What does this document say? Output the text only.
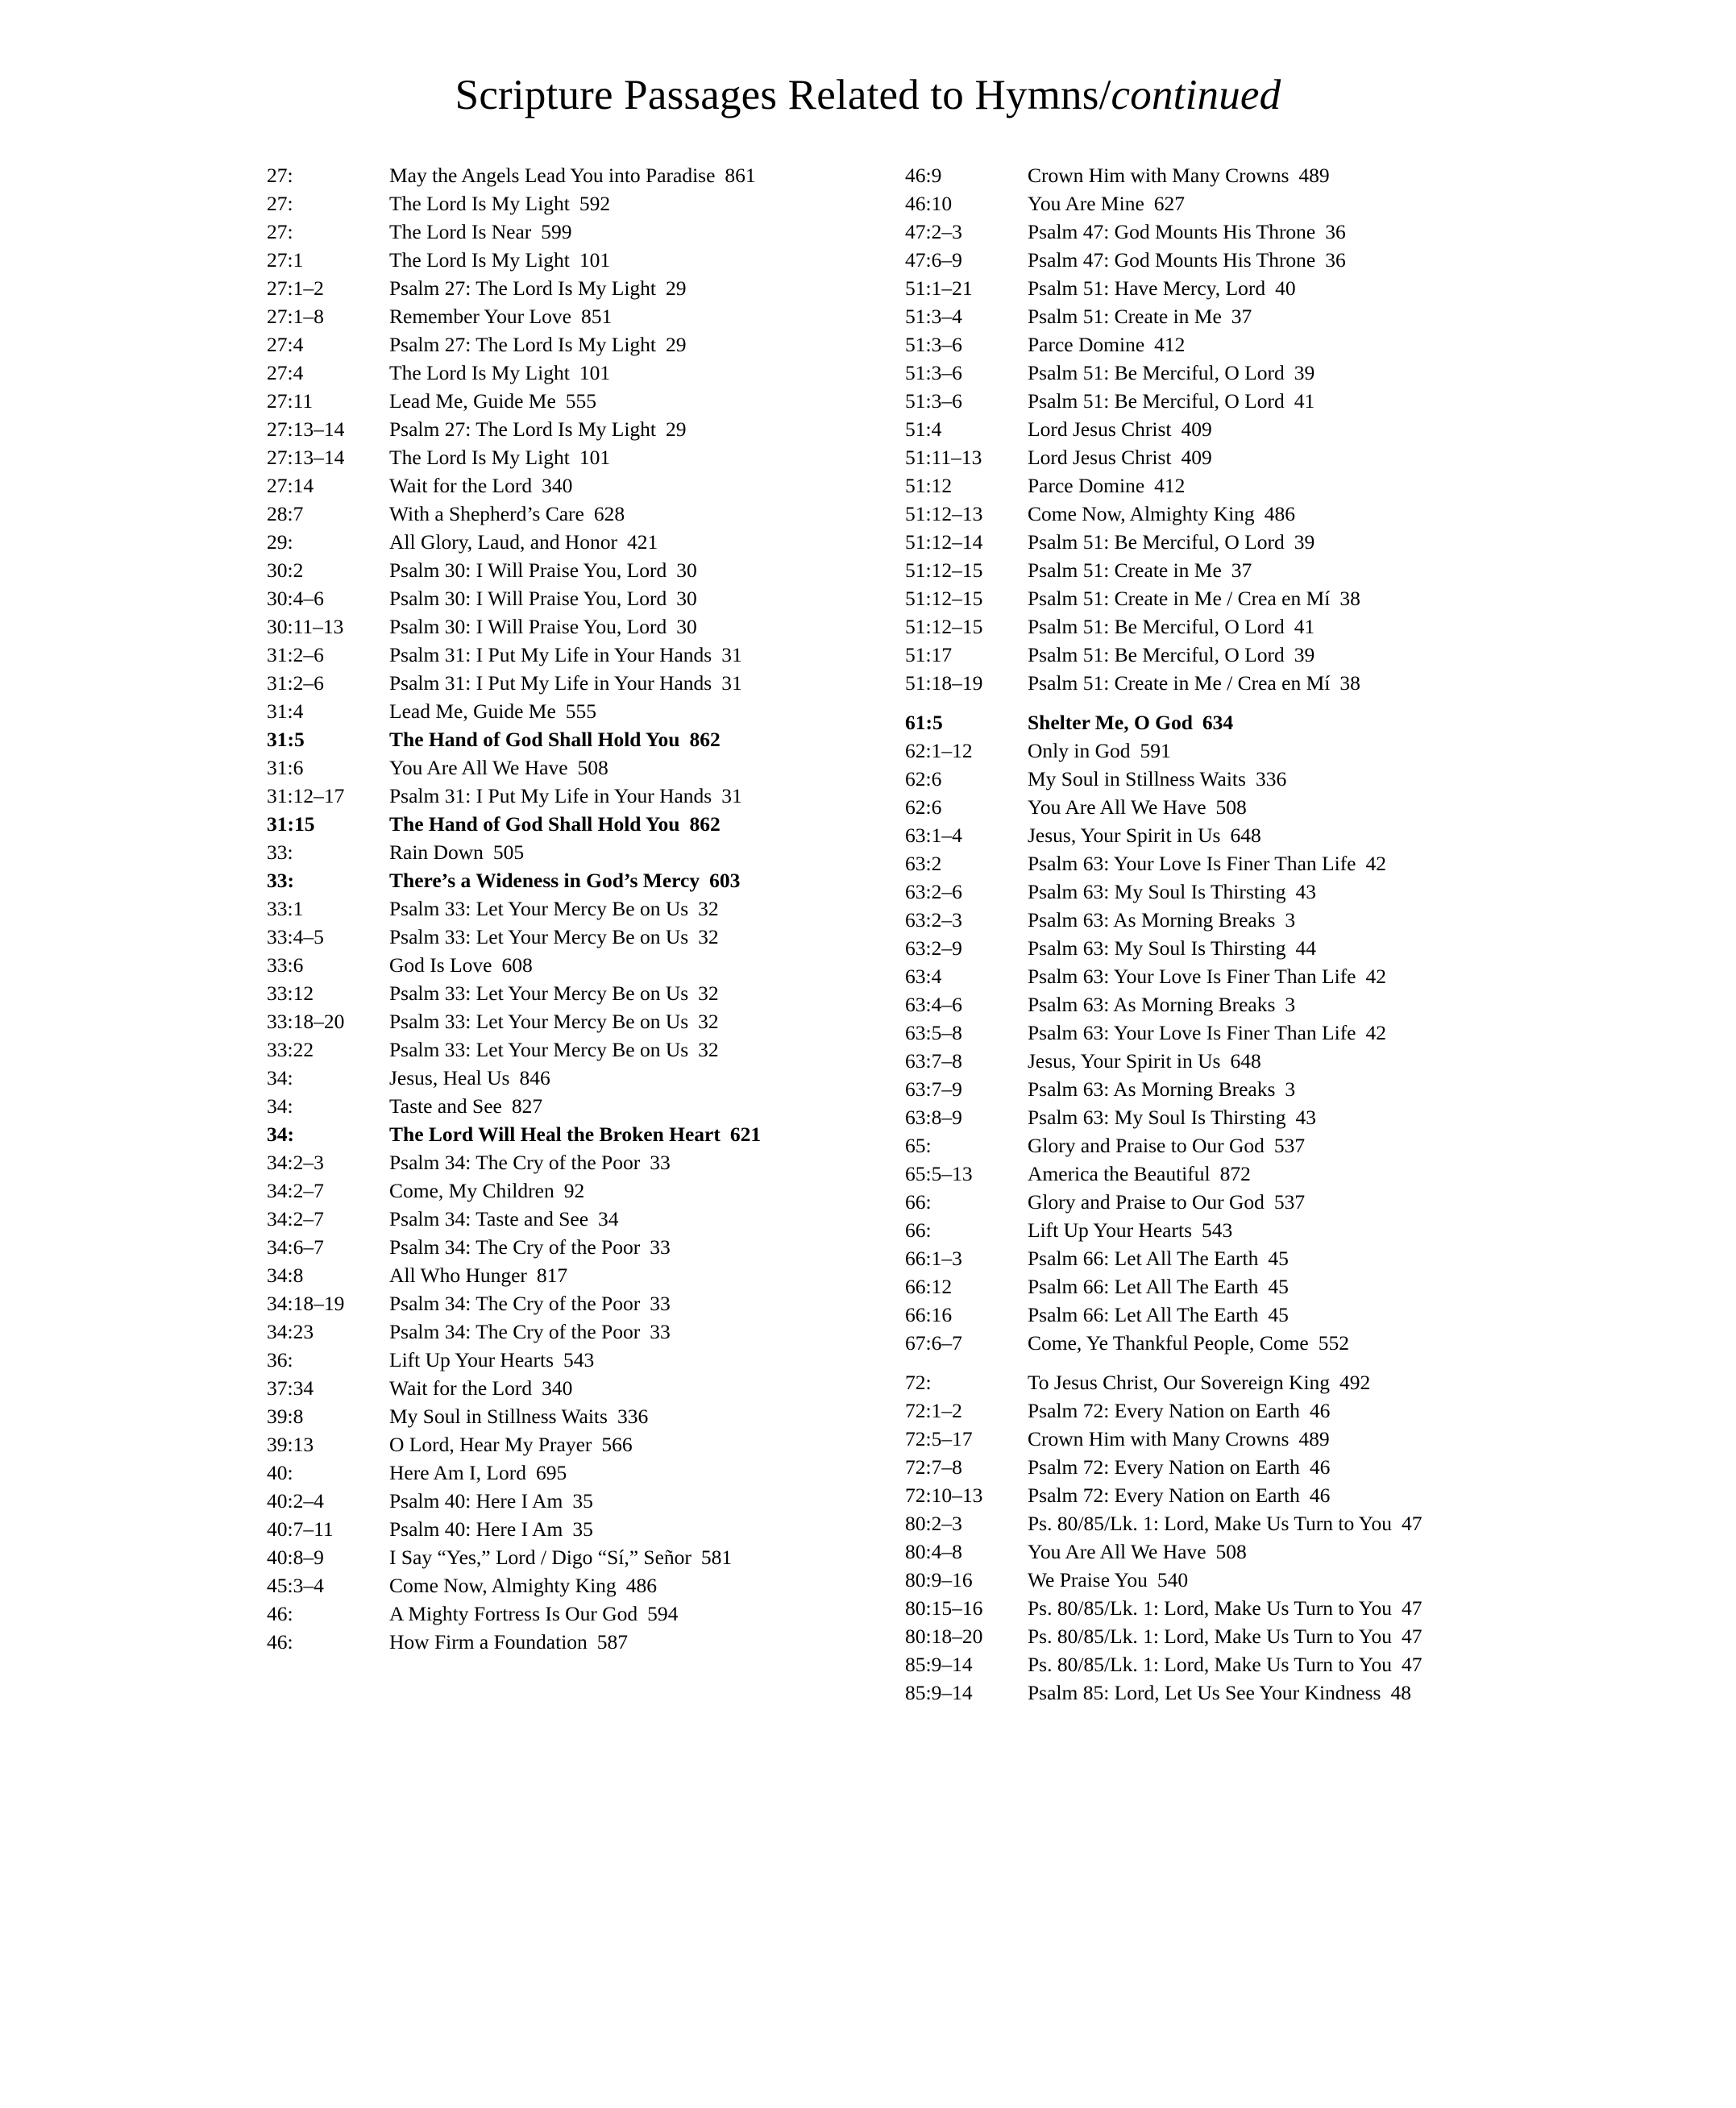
Scripture Passages Related to Hymns/continued
27:	May the Angels Lead You into Paradise 861
27:	The Lord Is My Light 592
27:	The Lord Is Near 599
27:1	The Lord Is My Light 101
27:1–2	Psalm 27: The Lord Is My Light 29
27:1–8	Remember Your Love 851
27:4	Psalm 27: The Lord Is My Light 29
27:4	The Lord Is My Light 101
27:11	Lead Me, Guide Me 555
27:13–14	Psalm 27: The Lord Is My Light 29
27:13–14	The Lord Is My Light 101
27:14	Wait for the Lord 340
28:7	With a Shepherd’s Care 628
29:	All Glory, Laud, and Honor 421
30:2	Psalm 30: I Will Praise You, Lord 30
30:4–6	Psalm 30: I Will Praise You, Lord 30
30:11–13	Psalm 30: I Will Praise You, Lord 30
31:2–6	Psalm 31: I Put My Life in Your Hands 31
31:2–6	Psalm 31: I Put My Life in Your Hands 31
31:4	Lead Me, Guide Me 555
31:5	The Hand of God Shall Hold You 862
31:6	You Are All We Have 508
31:12–17	Psalm 31: I Put My Life in Your Hands 31
31:15	The Hand of God Shall Hold You 862
33:	Rain Down 505
33:	There’s a Wideness in God’s Mercy 603
33:1	Psalm 33: Let Your Mercy Be on Us 32
33:4–5	Psalm 33: Let Your Mercy Be on Us 32
33:6	God Is Love 608
33:12	Psalm 33: Let Your Mercy Be on Us 32
33:18–20	Psalm 33: Let Your Mercy Be on Us 32
33:22	Psalm 33: Let Your Mercy Be on Us 32
34:	Jesus, Heal Us 846
34:	Taste and See 827
34:	The Lord Will Heal the Broken Heart 621
34:2–3	Psalm 34: The Cry of the Poor 33
34:2–7	Come, My Children 92
34:2–7	Psalm 34: Taste and See 34
34:6–7	Psalm 34: The Cry of the Poor 33
34:8	All Who Hunger 817
34:18–19	Psalm 34: The Cry of the Poor 33
34:23	Psalm 34: The Cry of the Poor 33
36:	Lift Up Your Hearts 543
37:34	Wait for the Lord 340
39:8	My Soul in Stillness Waits 336
39:13	O Lord, Hear My Prayer 566
40:	Here Am I, Lord 695
40:2–4	Psalm 40: Here I Am 35
40:7–11	Psalm 40: Here I Am 35
40:8–9	I Say “Yes,” Lord / Digo “Sí,” Señor 581
45:3–4	Come Now, Almighty King 486
46:	A Mighty Fortress Is Our God 594
46:	How Firm a Foundation 587
46:9	Crown Him with Many Crowns 489
46:10	You Are Mine 627
47:2–3	Psalm 47: God Mounts His Throne 36
47:6–9	Psalm 47: God Mounts His Throne 36
51:1–21	Psalm 51: Have Mercy, Lord 40
51:3–4	Psalm 51: Create in Me 37
51:3–6	Parce Domine 412
51:3–6	Psalm 51: Be Merciful, O Lord 39
51:3–6	Psalm 51: Be Merciful, O Lord 41
51:4	Lord Jesus Christ 409
51:11–13	Lord Jesus Christ 409
51:12	Parce Domine 412
51:12–13	Come Now, Almighty King 486
51:12–14	Psalm 51: Be Merciful, O Lord 39
51:12–15	Psalm 51: Create in Me 37
51:12–15	Psalm 51: Create in Me / Crea en Mí 38
51:12–15	Psalm 51: Be Merciful, O Lord 41
51:17	Psalm 51: Be Merciful, O Lord 39
51:18–19	Psalm 51: Create in Me / Crea en Mí 38
61:5	Shelter Me, O God 634
62:1–12	Only in God 591
62:6	My Soul in Stillness Waits 336
62:6	You Are All We Have 508
63:1–4	Jesus, Your Spirit in Us 648
63:2	Psalm 63: Your Love Is Finer Than Life 42
63:2–6	Psalm 63: My Soul Is Thirsting 43
63:2–3	Psalm 63: As Morning Breaks 3
63:2–9	Psalm 63: My Soul Is Thirsting 44
63:4	Psalm 63: Your Love Is Finer Than Life 42
63:4–6	Psalm 63: As Morning Breaks 3
63:5–8	Psalm 63: Your Love Is Finer Than Life 42
63:7–8	Jesus, Your Spirit in Us 648
63:7–9	Psalm 63: As Morning Breaks 3
63:8–9	Psalm 63: My Soul Is Thirsting 43
65:	Glory and Praise to Our God 537
65:5–13	America the Beautiful 872
66:	Glory and Praise to Our God 537
66:	Lift Up Your Hearts 543
66:1–3	Psalm 66: Let All The Earth 45
66:12	Psalm 66: Let All The Earth 45
66:16	Psalm 66: Let All The Earth 45
67:6–7	Come, Ye Thankful People, Come 552
72:	To Jesus Christ, Our Sovereign King 492
72:1–2	Psalm 72: Every Nation on Earth 46
72:5–17	Crown Him with Many Crowns 489
72:7–8	Psalm 72: Every Nation on Earth 46
72:10–13	Psalm 72: Every Nation on Earth 46
80:2–3	Ps. 80/85/Lk. 1: Lord, Make Us Turn to You 47
80:4–8	You Are All We Have 508
80:9–16	We Praise You 540
80:15–16	Ps. 80/85/Lk. 1: Lord, Make Us Turn to You 47
80:18–20	Ps. 80/85/Lk. 1: Lord, Make Us Turn to You 47
85:9–14	Ps. 80/85/Lk. 1: Lord, Make Us Turn to You 47
85:9–14	Psalm 85: Lord, Let Us See Your Kindness 48
